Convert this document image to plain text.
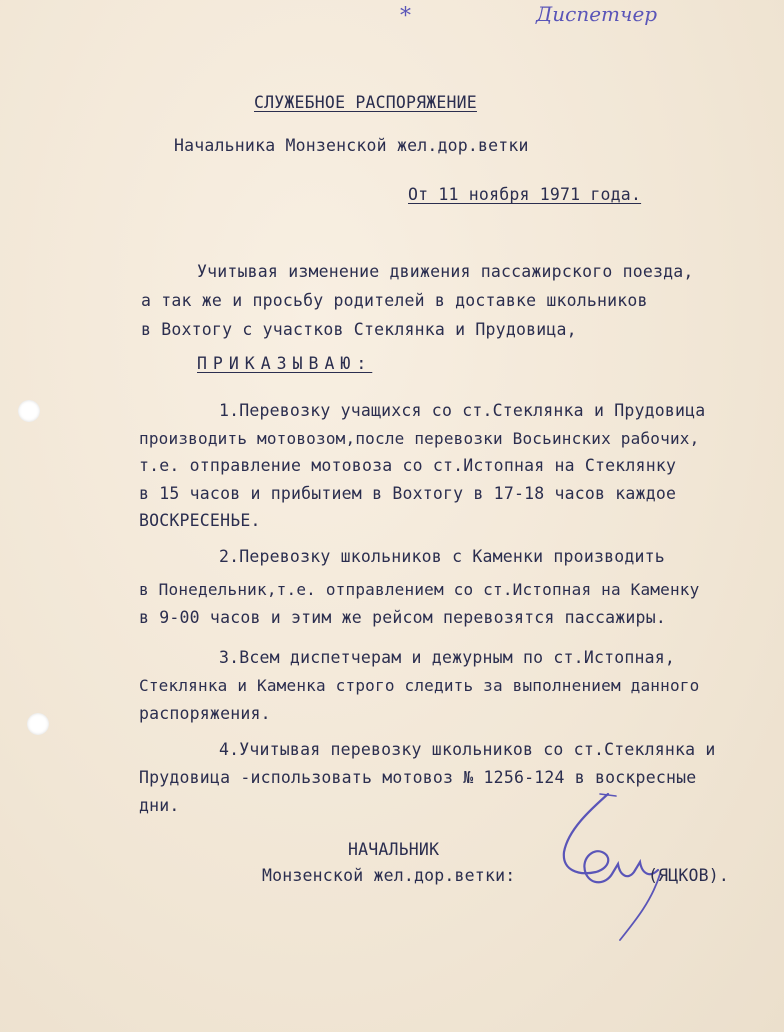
*	Диспетчер
СЛУЖЕБНОЕ РАСПОРЯЖЕНИЕ
Начальника Монзенской жел.дор.ветки
От 11 ноября 1971 года.
Учитывая изменение движения пассажирского поезда,
а так же и просьбу родителей в доставке школьников
в Вохтогу с участков Стеклянка и Прудовица,
ПРИКАЗЫВАЮ:
1.Перевозку учащихся со ст.Стеклянка и Прудовица
производить мотовозом,после перевозки Восьинских рабочих,
т.е. отправление мотовоза со ст.Истопная на Стеклянку
в 15 часов и прибытием в Вохтогу в 17-18 часов каждое
ВОСКРЕСЕНЬЕ.
2.Перевозку школьников с Каменки производить
в Понедельник,т.е. отправлением со ст.Истопная на Каменку
в 9-00 часов и этим же рейсом перевозятся пассажиры.
3.Всем диспетчерам и дежурным по ст.Истопная,
Стеклянка и Каменка строго следить за выполнением данного
распоряжения.
4.Учитывая перевозку школьников со ст.Стеклянка и
Прудовица -использовать мотовоз № 1256-124 в воскресные
дни.
НАЧАЛЬНИК
Монзенской жел.дор.ветки:	(ЯЦКОВ).
